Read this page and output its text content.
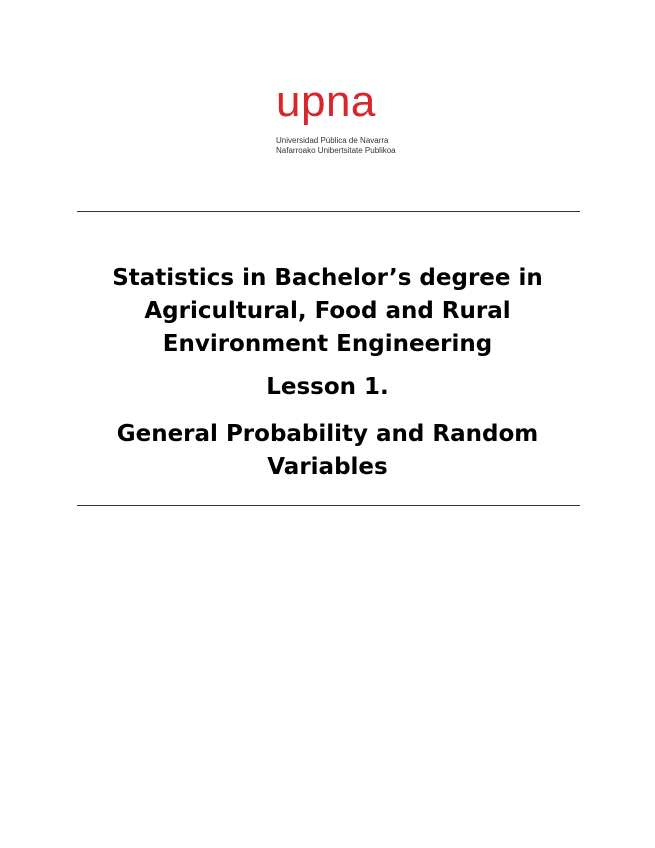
upna
Universidad Pública de Navarra
Nafarroako Unibertsitate Publikoa

Statistics in Bachelor’s degree in Agricultural, Food and Rural Environment Engineering

Lesson 1.

General Probability and Random Variables
